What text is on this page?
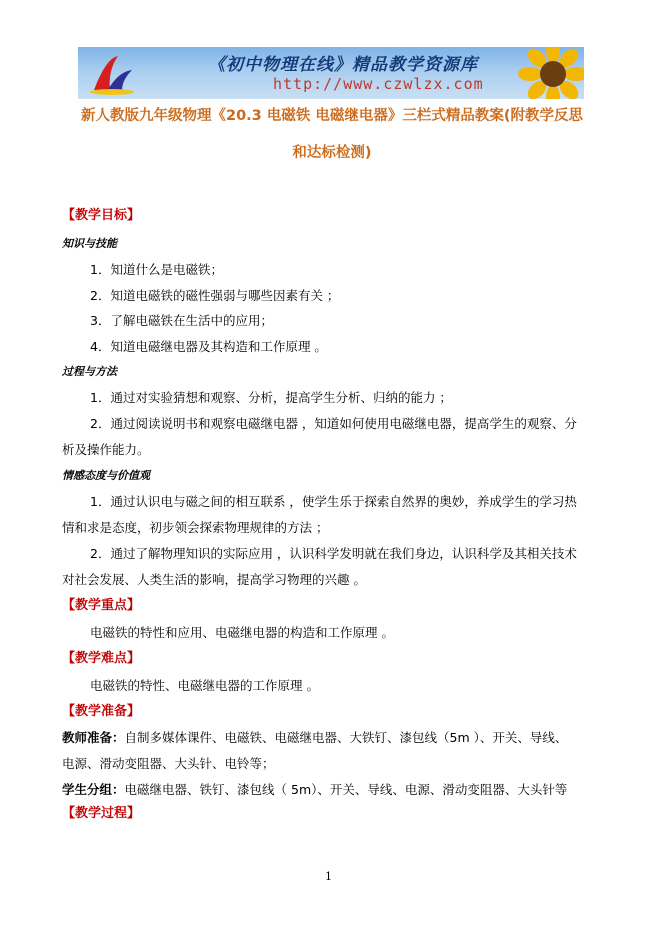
《初中物理在线》精品教学资源库
http://www.czwlzx.com
新人教版九年级物理《20.3 电磁铁 电磁继电器》三栏式精品教案(附教学反思
和达标检测)
【教学目标】
知识与技能
1．知道什么是电磁铁；
2．知道电磁铁的磁性强弱与哪些因素有关 ；
3．了解电磁铁在生活中的应用；
4．知道电磁继电器及其构造和工作原理 。
过程与方法
1．通过对实验猜想和观察、分析，提高学生分析、归纳的能力 ；
2．通过阅读说明书和观察电磁继电器 ，知道如何使用电磁继电器，提高学生的观察、分
析及操作能力。
情感态度与价值观
1．通过认识电与磁之间的相互联系 ，使学生乐于探索自然界的奥妙，养成学生的学习热
情和求是态度，初步领会探索物理规律的方法 ；
2．通过了解物理知识的实际应用 ，认识科学发明就在我们身边，认识科学及其相关技术
对社会发展、人类生活的影响，提高学习物理的兴趣 。
【教学重点】
电磁铁的特性和应用、电磁继电器的构造和工作原理 。
【教学难点】
电磁铁的特性、电磁继电器的工作原理 。
【教学准备】
教师准备：自制多媒体课件、电磁铁、电磁继电器、大铁钉、漆包线（5m ）、开关、导线、
电源、滑动变阻器、大头针、电铃等；
学生分组：电磁继电器、铁钉、漆包线（ 5m）、开关、导线、电源、滑动变阻器、大头针等
【教学过程】
1
